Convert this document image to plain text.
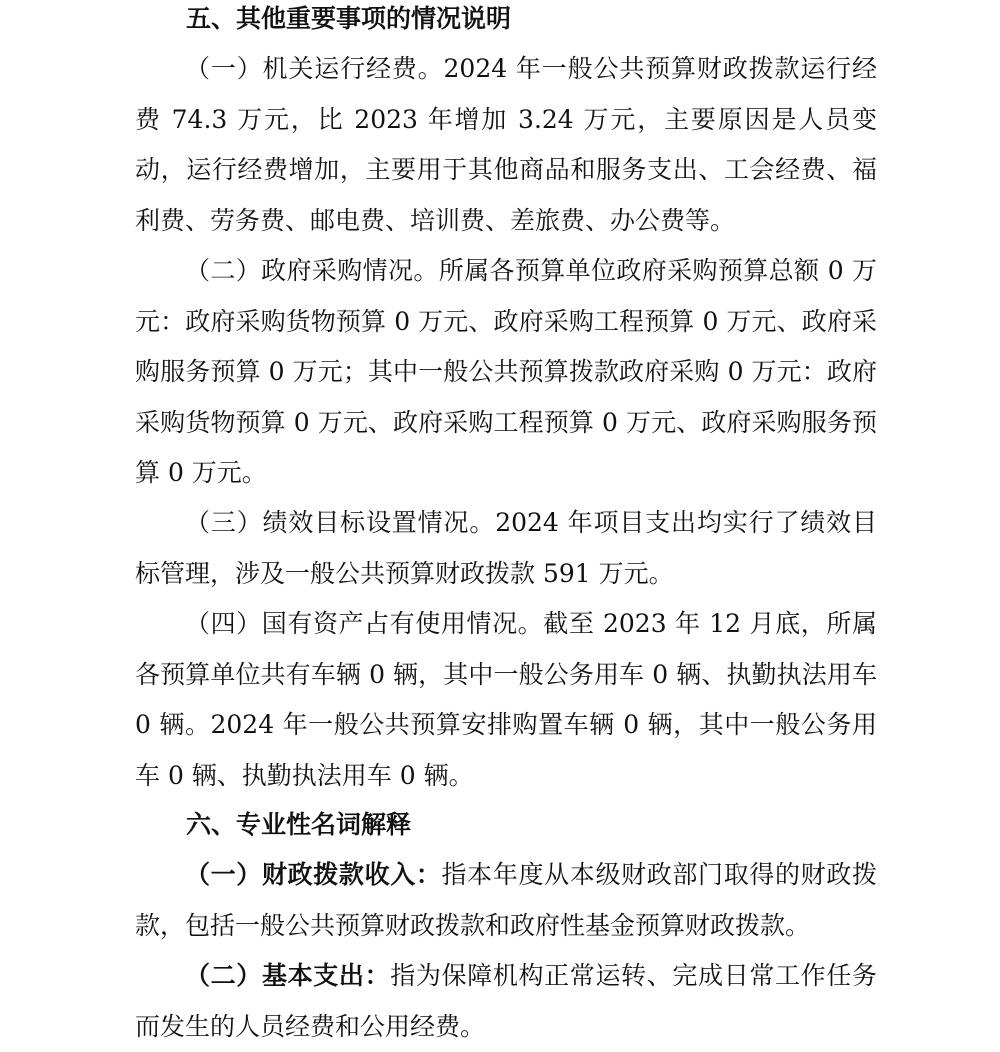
五、其他重要事项的情况说明

（一）机关运行经费。2024 年一般公共预算财政拨款运行经费 74.3 万元，比 2023 年增加 3.24 万元，主要原因是人员变动，运行经费增加，主要用于其他商品和服务支出、工会经费、福利费、劳务费、邮电费、培训费、差旅费、办公费等。

（二）政府采购情况。所属各预算单位政府采购预算总额 0 万元：政府采购货物预算 0 万元、政府采购工程预算 0 万元、政府采购服务预算 0 万元；其中一般公共预算拨款政府采购 0 万元：政府采购货物预算 0 万元、政府采购工程预算 0 万元、政府采购服务预算 0 万元。

（三）绩效目标设置情况。2024 年项目支出均实行了绩效目标管理，涉及一般公共预算财政拨款 591 万元。

（四）国有资产占有使用情况。截至 2023 年 12 月底，所属各预算单位共有车辆 0 辆，其中一般公务用车 0 辆、执勤执法用车 0 辆。2024 年一般公共预算安排购置车辆 0 辆，其中一般公务用车 0 辆、执勤执法用车 0 辆。

六、专业性名词解释

（一）财政拨款收入：指本年度从本级财政部门取得的财政拨款，包括一般公共预算财政拨款和政府性基金预算财政拨款。

（二）基本支出：指为保障机构正常运转、完成日常工作任务而发生的人员经费和公用经费。
